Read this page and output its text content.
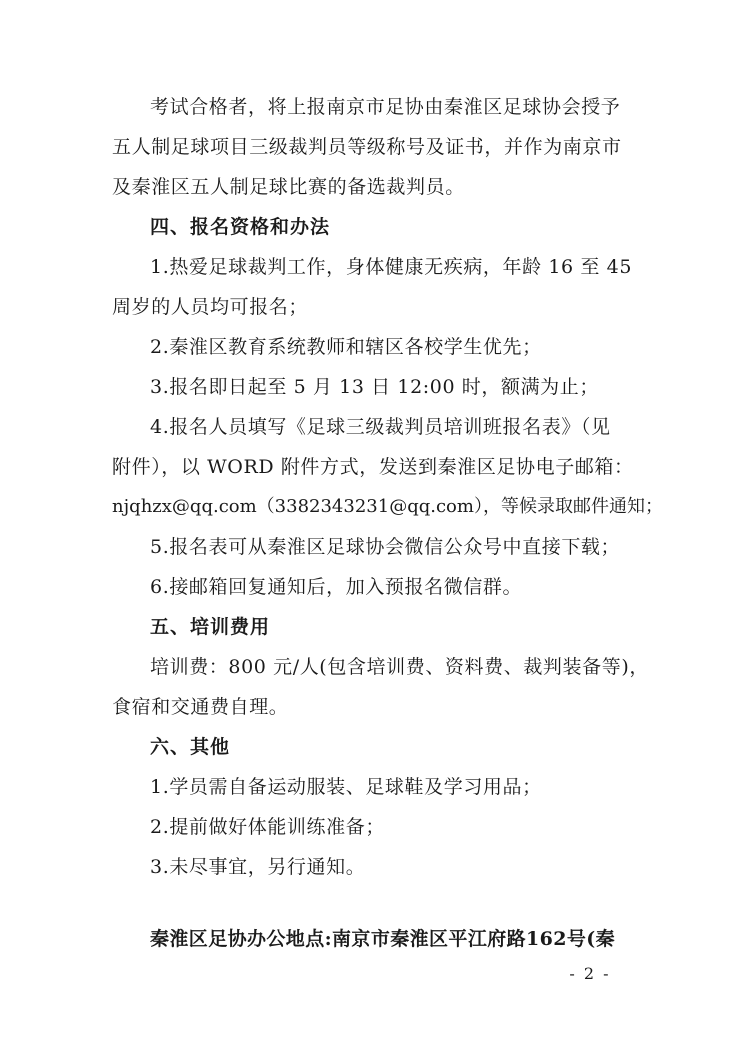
考试合格者，将上报南京市足协由秦淮区足球协会授予
五人制足球项目三级裁判员等级称号及证书，并作为南京市
及秦淮区五人制足球比赛的备选裁判员。
四、报名资格和办法
1.热爱足球裁判工作，身体健康无疾病，年龄 16 至 45
周岁的人员均可报名；
2.秦淮区教育系统教师和辖区各校学生优先；
3.报名即日起至 5 月 13 日 12:00 时，额满为止；
4.报名人员填写《足球三级裁判员培训班报名表》（见
附件），以 WORD 附件方式，发送到秦淮区足协电子邮箱：
njqhzx@qq.com（3382343231@qq.com），等候录取邮件通知；
5.报名表可从秦淮区足球协会微信公众号中直接下载；
6.接邮箱回复通知后，加入预报名微信群。
五、培训费用
培训费：800 元/人(包含培训费、资料费、裁判装备等)，
食宿和交通费自理。
六、其他
1.学员需自备运动服装、足球鞋及学习用品；
2.提前做好体能训练准备；
3.未尽事宜，另行通知。
秦淮区足协办公地点:南京市秦淮区平江府路162号(秦
- 2 -
